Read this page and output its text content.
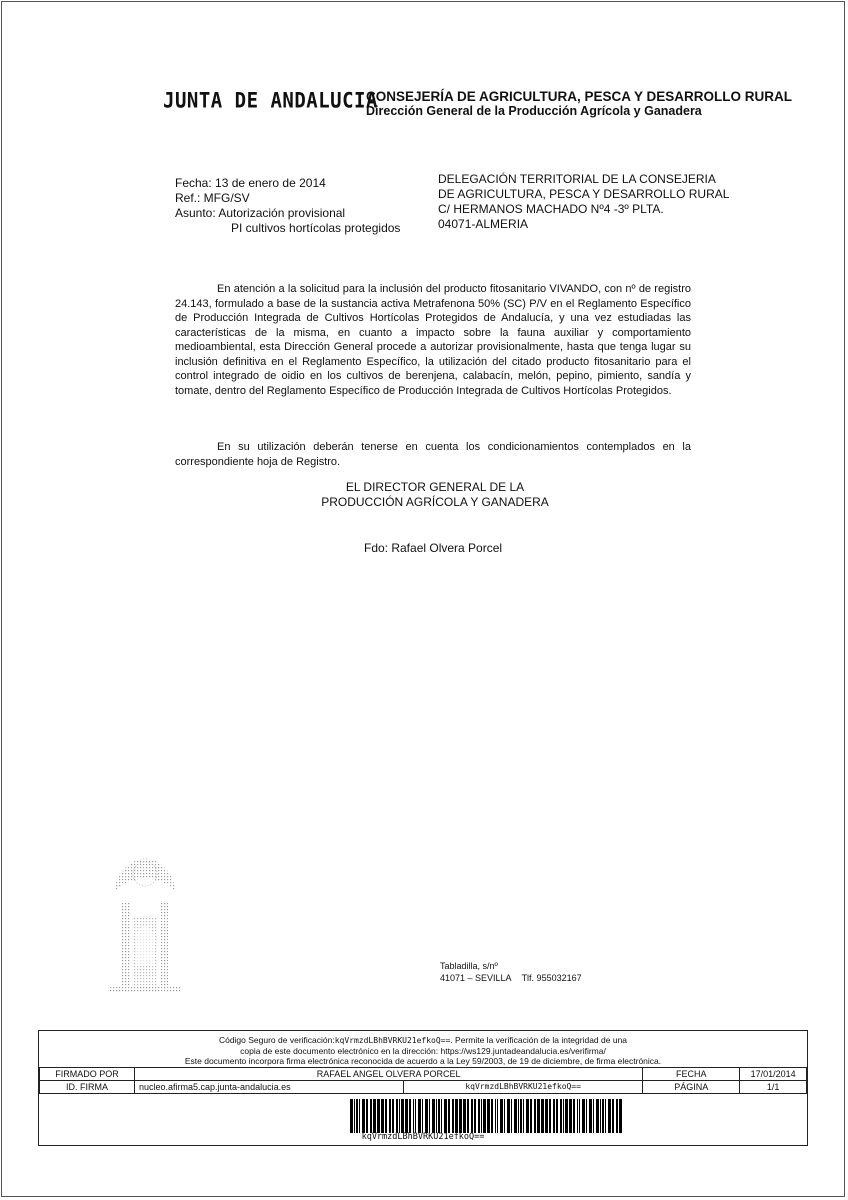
JUNTA DE ANDALUCIA
CONSEJERÍA DE AGRICULTURA, PESCA Y DESARROLLO RURAL
Dirección General de la Producción Agrícola y Ganadera
Fecha: 13 de enero de 2014
Ref.: MFG/SV
Asunto: Autorización provisional
PI cultivos hortícolas protegidos
DELEGACIÓN TERRITORIAL DE LA CONSEJERIA
DE AGRICULTURA, PESCA Y DESARROLLO RURAL
C/ HERMANOS MACHADO Nº4 -3º PLTA.
04071-ALMERIA
En atención a la solicitud para la inclusión del producto fitosanitario VIVANDO, con nº de registro 24.143, formulado a base de la sustancia activa Metrafenona 50% (SC) P/V en el Reglamento Específico de Producción Integrada de Cultivos Hortícolas Protegidos de Andalucía, y una vez estudiadas las características de la misma, en cuanto a impacto sobre la fauna auxiliar y comportamiento medioambiental, esta Dirección General procede a autorizar provisionalmente, hasta que tenga lugar su inclusión definitiva en el Reglamento Específico, la utilización del citado producto fitosanitario para el control integrado de oidio en los cultivos de berenjena, calabacín, melón, pepino, pimiento, sandía y tomate, dentro del Reglamento Específico de Producción Integrada de Cultivos Hortícolas Protegidos.
En su utilización deberán tenerse en cuenta los condicionamientos contemplados en la correspondiente hoja de Registro.
EL DIRECTOR GENERAL DE LA
PRODUCCIÓN AGRÍCOLA Y GANADERA
Fdo: Rafael Olvera Porcel
Tabladilla, s/nº
41071 – SEVILLA Tlf. 955032167
Código Seguro de verificación:kqVrmzdLBhBVRKU21efkoQ==. Permite la verificación de la integridad de una
copia de este documento electrónico en la dirección: https://ws129.juntadeandalucia.es/verifirma/
Este documento incorpora firma electrónica reconocida de acuerdo a la Ley 59/2003, de 19 de diciembre, de firma electrónica.
FIRMADO POR	RAFAEL ANGEL OLVERA PORCEL		FECHA	17/01/2014
ID. FIRMA	nucleo.afirma5.cap.junta-andalucia.es	kqVrmzdLBhBVRKU21efkoQ==	PÁGINA	1/1
kqVrmzdLBhBVRKU21efkoQ==
